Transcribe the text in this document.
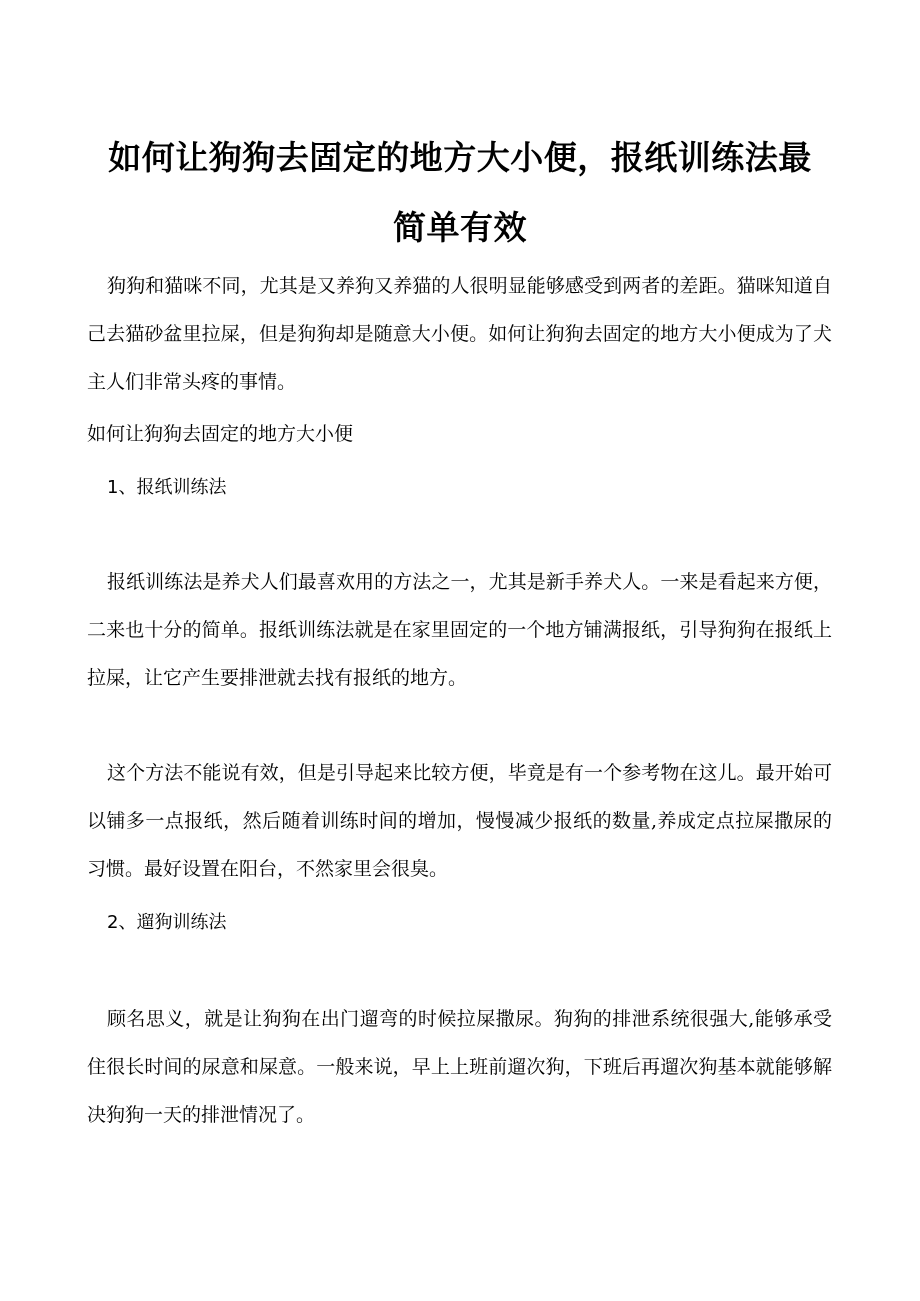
如何让狗狗去固定的地方大小便，报纸训练法最
简单有效

狗狗和猫咪不同，尤其是又养狗又养猫的人很明显能够感受到两者的差距。猫咪知道自己去猫砂盆里拉屎，但是狗狗却是随意大小便。如何让狗狗去固定的地方大小便成为了犬主人们非常头疼的事情。

如何让狗狗去固定的地方大小便
1、报纸训练法

报纸训练法是养犬人们最喜欢用的方法之一，尤其是新手养犬人。一来是看起来方便，二来也十分的简单。报纸训练法就是在家里固定的一个地方铺满报纸，引导狗狗在报纸上拉屎，让它产生要排泄就去找有报纸的地方。

这个方法不能说有效，但是引导起来比较方便，毕竟是有一个参考物在这儿。最开始可以铺多一点报纸，然后随着训练时间的增加，慢慢减少报纸的数量,养成定点拉屎撒尿的习惯。最好设置在阳台，不然家里会很臭。

2、遛狗训练法

顾名思义，就是让狗狗在出门遛弯的时候拉屎撒尿。狗狗的排泄系统很强大,能够承受住很长时间的尿意和屎意。一般来说，早上上班前遛次狗，下班后再遛次狗基本就能够解决狗狗一天的排泄情况了。
